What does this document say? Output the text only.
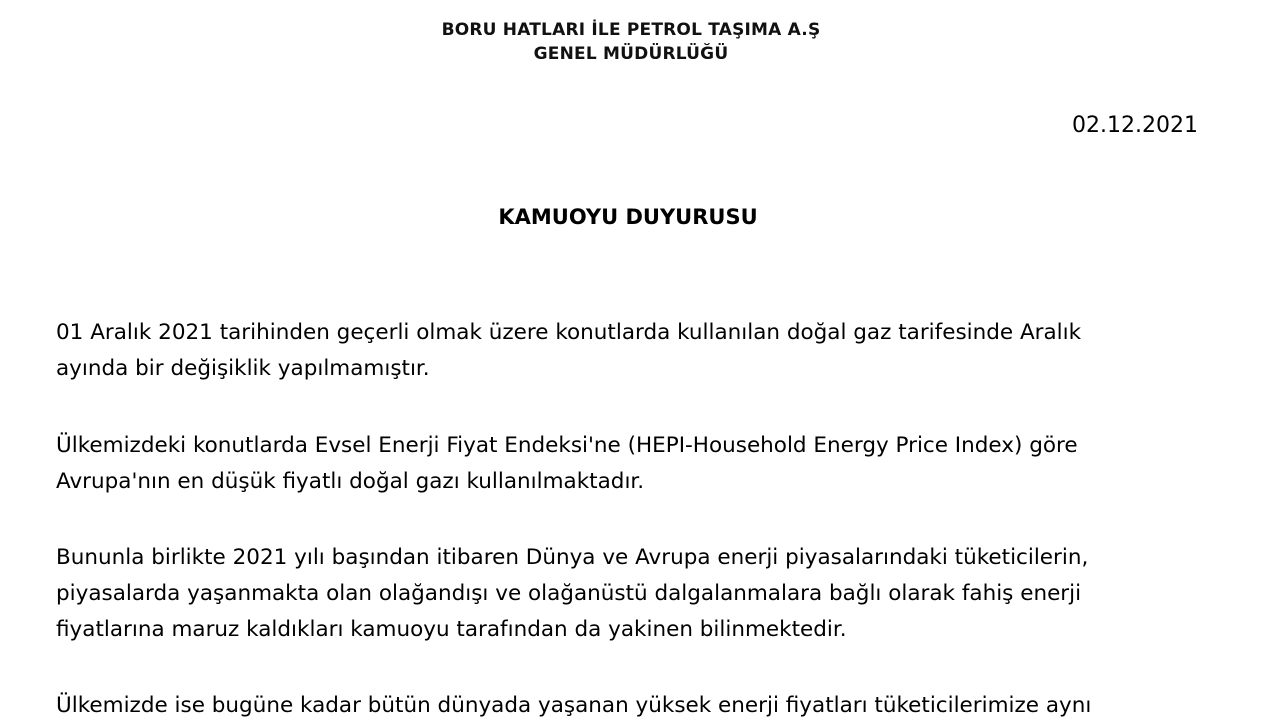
BORU HATLARI İLE PETROL TAŞIMA A.Ş
GENEL MÜDÜRLÜĞÜ
02.12.2021
KAMUOYU DUYURUSU

01 Aralık 2021 tarihinden geçerli olmak üzere konutlarda kullanılan doğal gaz tarifesinde Aralık
ayında bir değişiklik yapılmamıştır.

Ülkemizdeki konutlarda Evsel Enerji Fiyat Endeksi'ne (HEPI-Household Energy Price Index) göre
Avrupa'nın en düşük fiyatlı doğal gazı kullanılmaktadır.

Bununla birlikte 2021 yılı başından itibaren Dünya ve Avrupa enerji piyasalarındaki tüketicilerin,
piyasalarda yaşanmakta olan olağandışı ve olağanüstü dalgalanmalara bağlı olarak fahiş enerji
fiyatlarına maruz kaldıkları kamuoyu tarafından da yakinen bilinmektedir.

Ülkemizde ise bugüne kadar bütün dünyada yaşanan yüksek enerji fiyatları tüketicilerimize aynı
